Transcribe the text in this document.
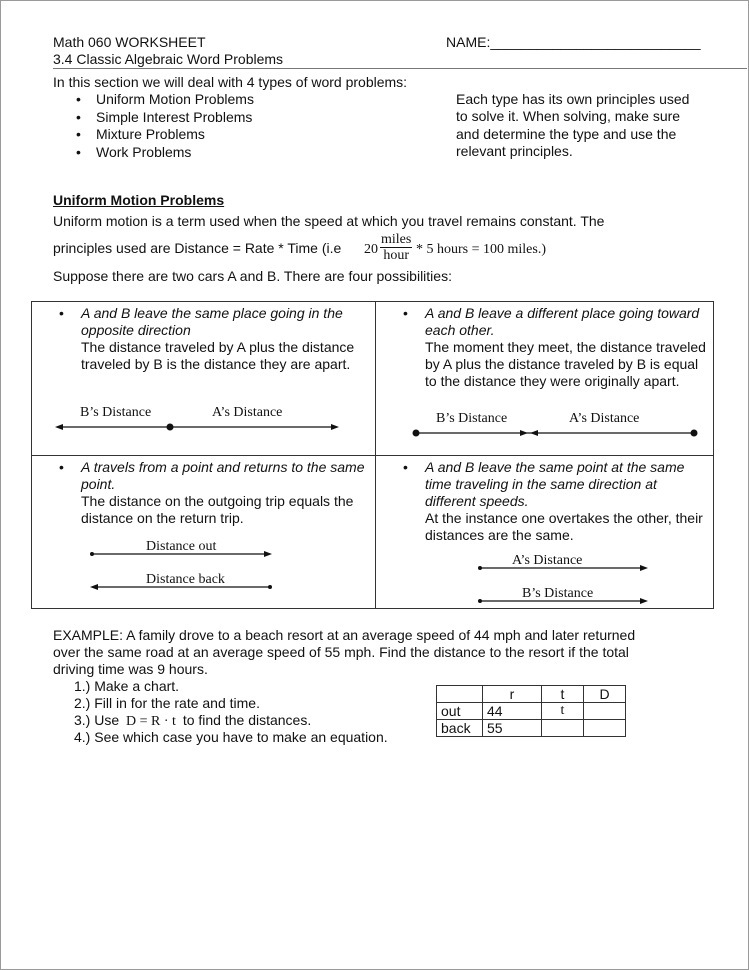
Math 060 WORKSHEET	NAME:___________________________
3.4 Classic Algebraic Word Problems
In this section we will deal with 4 types of word problems:
• Uniform Motion Problems
• Simple Interest Problems
• Mixture Problems
• Work Problems
Each type has its own principles used to solve it. When solving, make sure and determine the type and use the relevant principles.
Uniform Motion Problems
Uniform motion is a term used when the speed at which you travel remains constant. The
principles used are Distance = Rate * Time (i.e 20
miles
hour * 5 hours = 100 miles.)
Suppose there are two cars A and B. There are four possibilities:
• A and B leave the same place going in the opposite direction
The distance traveled by A plus the distance traveled by B is the distance they are apart.
B’s Distance	A’s Distance
• A and B leave a different place going toward each other.
The moment they meet, the distance traveled by A plus the distance traveled by B is equal to the distance they were originally apart.
B’s Distance	A’s Distance
• A travels from a point and returns to the same point.
The distance on the outgoing trip equals the distance on the return trip.
Distance out
Distance back
• A and B leave the same point at the same time traveling in the same direction at different speeds.
At the instance one overtakes the other, their distances are the same.
A’s Distance
B’s Distance
EXAMPLE: A family drove to a beach resort at an average speed of 44 mph and later returned
over the same road at an average speed of 55 mph. Find the distance to the resort if the total
driving time was 9 hours.
1.) Make a chart.
2.) Fill in for the rate and time.
3.) Use D = R · t to find the distances.
4.) See which case you have to make an equation.
	r	t	D
out	44	t	
back	55		
